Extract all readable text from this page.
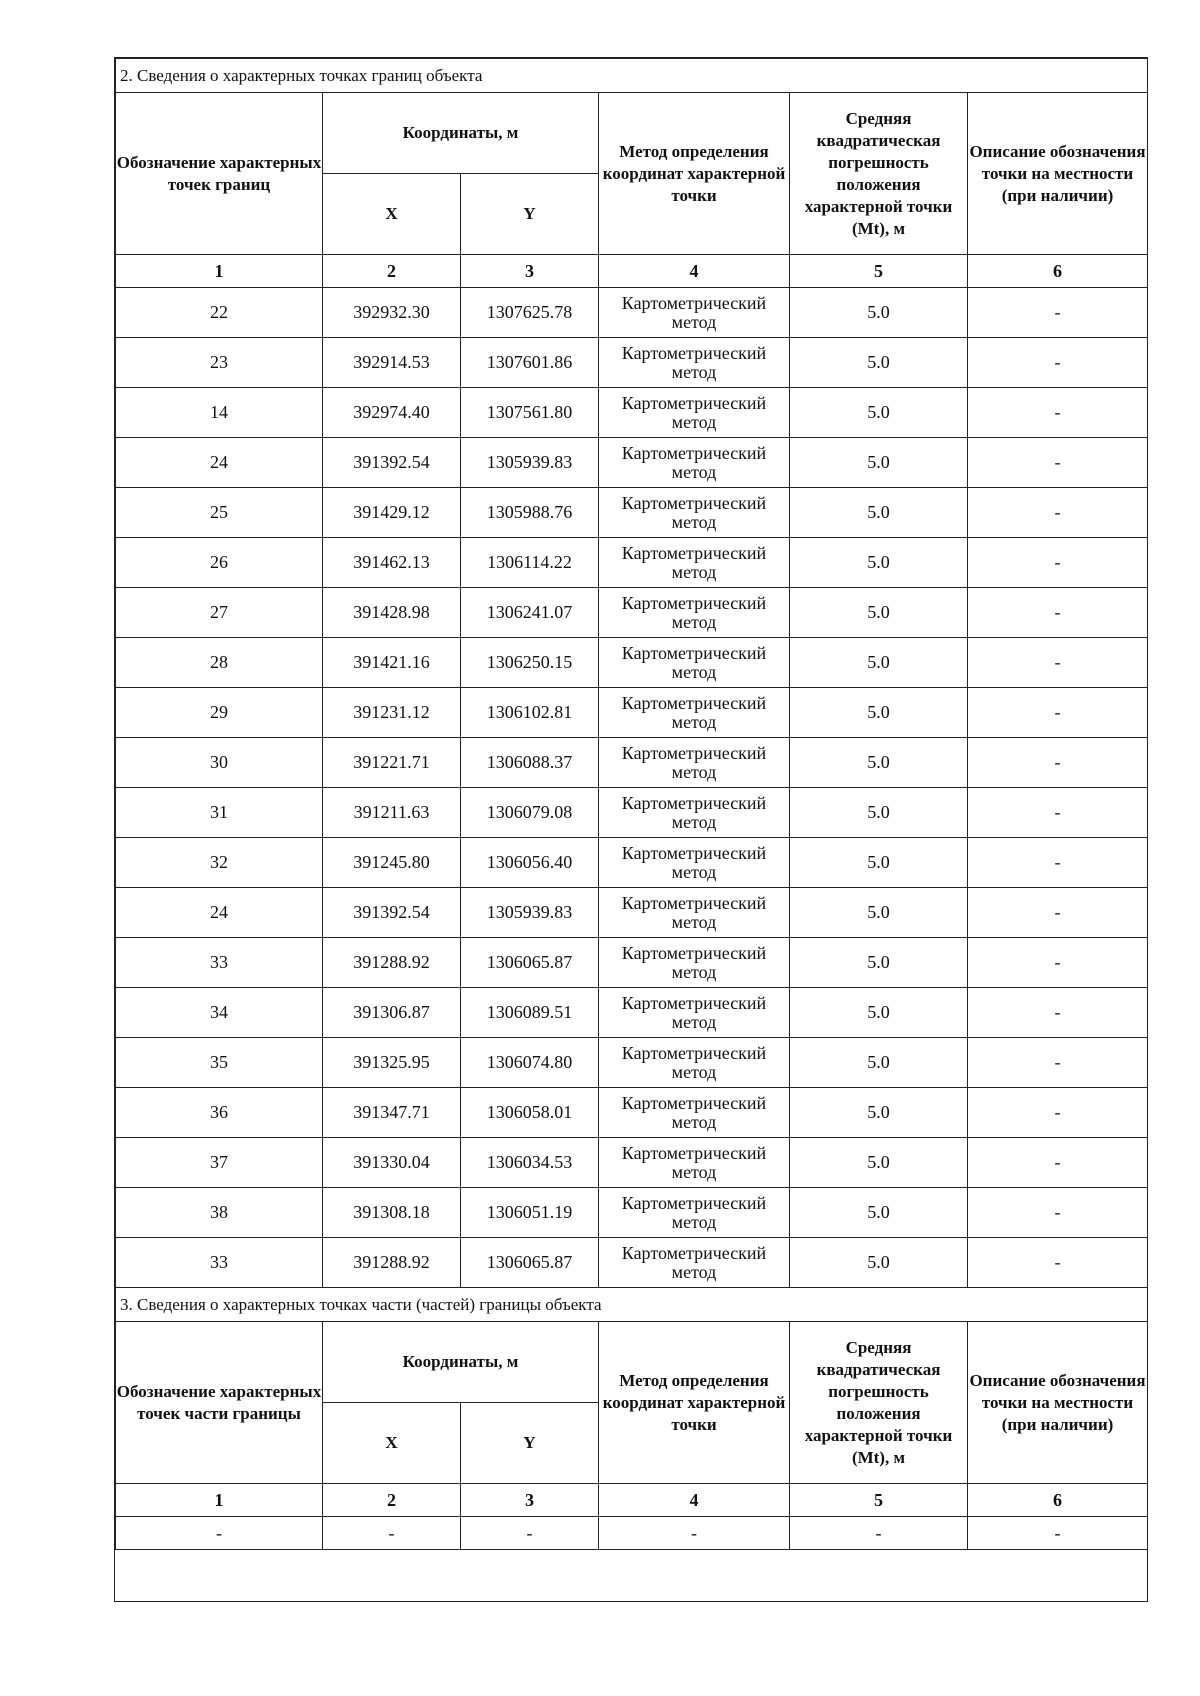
2. Сведения о характерных точках границ объекта					
Обозначение характерных точек границ	Координаты, м		Метод определения координат характерной точки	Средняя квадратическая погрешность положения характерной точки (Mt), м	Описание обозначения точки на местности (при наличии)
	X	Y			
1	2	3	4	5	6
22	392932.30	1307625.78	Картометрический метод	5.0	-
23	392914.53	1307601.86	Картометрический метод	5.0	-
14	392974.40	1307561.80	Картометрический метод	5.0	-
24	391392.54	1305939.83	Картометрический метод	5.0	-
25	391429.12	1305988.76	Картометрический метод	5.0	-
26	391462.13	1306114.22	Картометрический метод	5.0	-
27	391428.98	1306241.07	Картометрический метод	5.0	-
28	391421.16	1306250.15	Картометрический метод	5.0	-
29	391231.12	1306102.81	Картометрический метод	5.0	-
30	391221.71	1306088.37	Картометрический метод	5.0	-
31	391211.63	1306079.08	Картометрический метод	5.0	-
32	391245.80	1306056.40	Картометрический метод	5.0	-
24	391392.54	1305939.83	Картометрический метод	5.0	-
33	391288.92	1306065.87	Картометрический метод	5.0	-
34	391306.87	1306089.51	Картометрический метод	5.0	-
35	391325.95	1306074.80	Картометрический метод	5.0	-
36	391347.71	1306058.01	Картометрический метод	5.0	-
37	391330.04	1306034.53	Картометрический метод	5.0	-
38	391308.18	1306051.19	Картометрический метод	5.0	-
33	391288.92	1306065.87	Картометрический метод	5.0	-
3. Сведения о характерных точках части (частей) границы объекта					
Обозначение характерных точек части границы	Координаты, м		Метод определения координат характерной точки	Средняя квадратическая погрешность положения характерной точки (Mt), м	Описание обозначения точки на местности (при наличии)
	X	Y			
1	2	3	4	5	6
-	-	-	-	-	-
